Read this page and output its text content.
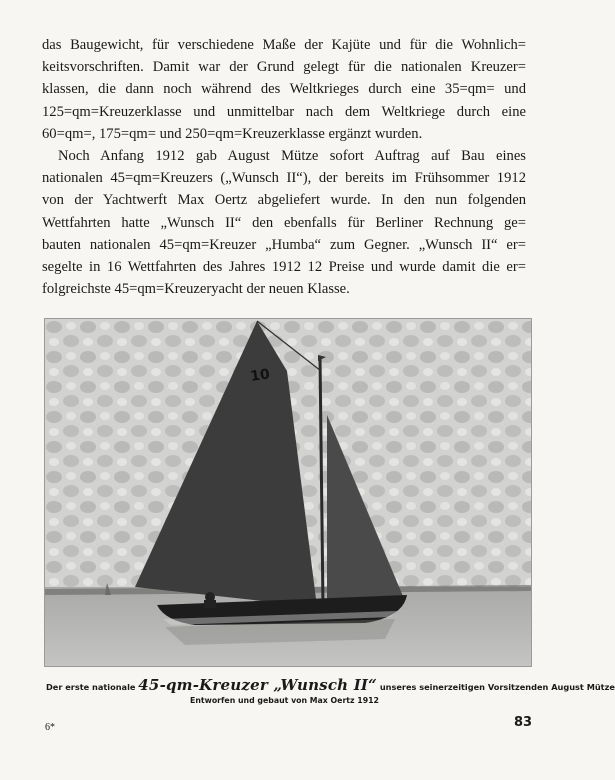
das Baugewicht, für verschiedene Maße der Kajüte und für die Wohnlich=
keitsvorschriften. Damit war der Grund gelegt für die nationalen Kreuzer=
klassen, die dann noch während des Weltkrieges durch eine 35=qm= und
125=qm=Kreuzerklasse und unmittelbar nach dem Weltkriege durch eine
60=qm=, 175=qm= und 250=qm=Kreuzerklasse ergänzt wurden.

Noch Anfang 1912 gab August Mütze sofort Auftrag auf Bau eines
nationalen 45=qm=Kreuzers („Wunsch II“), der bereits im Frühsommer 1912
von der Yachtwerft Max Oertz abgeliefert wurde. In den nun folgenden
Wettfahrten hatte „Wunsch II“ den ebenfalls für Berliner Rechnung ge=
bauten nationalen 45=qm=Kreuzer „Humba“ zum Gegner. „Wunsch II“ er=
segelte in 16 Wettfahrten des Jahres 1912 12 Preise und wurde damit die er=
folgreichste 45=qm=Kreuzeryacht der neuen Klasse.

10
Der erste nationale 45-qm-Kreuzer „Wunsch II“ unseres seinerzeitigen Vorsitzenden August Mütze
Entworfen und gebaut von Max Oertz 1912
6*	83
